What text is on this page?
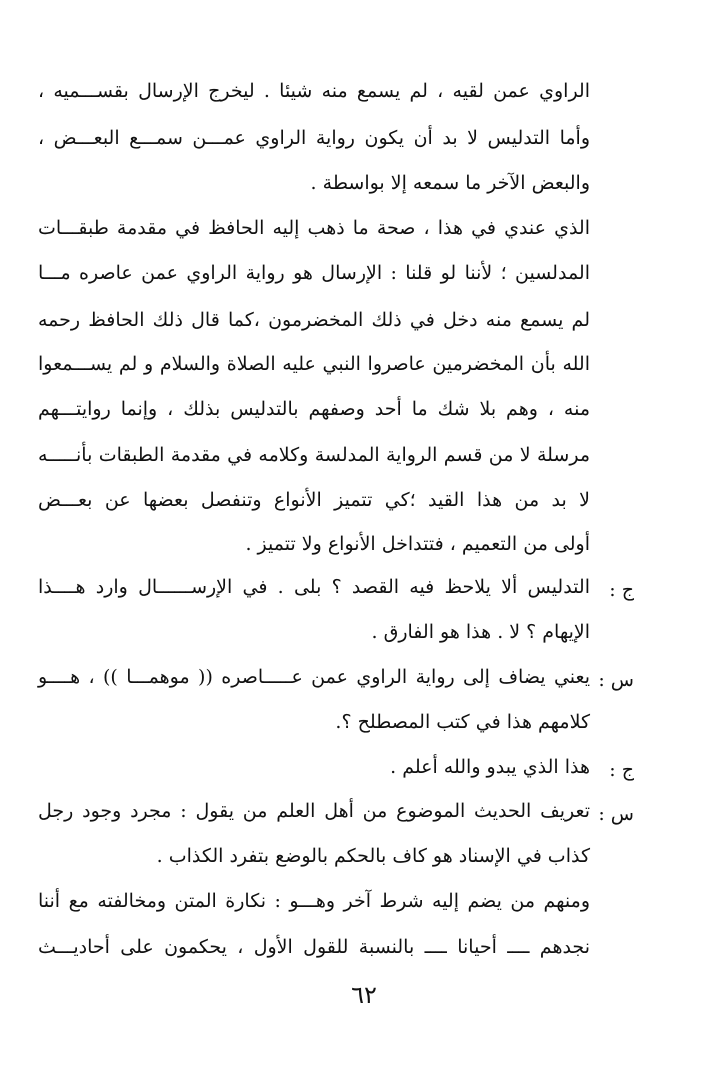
الراوي عمن لقيه ، لم يسمع منه شيئا . ليخرج الإرسال بقســـميه ،
وأما التدليس لا بد أن يكون رواية الراوي عمـــن سمـــع البعـــض ،
والبعض الآخر ما سمعه إلا بواسطة .
الذي عندي في هذا ، صحة ما ذهب إليه الحافظ في مقدمة طبقـــات
المدلسين ؛ لأننا لو قلنا : الإرسال هو رواية الراوي عمن عاصره مـــا
لم يسمع منه دخل في ذلك المخضرمون ،كما قال ذلك الحافظ رحمه
الله بأن المخضرمين عاصروا النبي عليه الصلاة والسلام و لم يســـمعوا
منه ، وهم بلا شك ما أحد وصفهم بالتدليس بذلك ، وإنما روايتـــهم
مرسلة لا من قسم الرواية المدلسة وكلامه في مقدمة الطبقات بأنـــــه
لا بد من هذا القيد ؛كي تتميز الأنواع وتنفصل بعضها عن بعـــض
أولى من التعميم ، فتتداخل الأنواع ولا تتميز .
ج :
التدليس ألا يلاحظ فيه القصد ؟ بلى . في الإرســــــال وارد هــــذا
الإيهام ؟ لا . هذا هو الفارق .
س :
يعني يضاف إلى رواية الراوي عمن عـــــاصره (( موهمـــا )) ، هــــو
كلامهم هذا في كتب المصطلح ؟.
ج :
هذا الذي يبدو والله أعلم .
س :
تعريف الحديث الموضوع من أهل العلم من يقول : مجرد وجود رجل
كذاب في الإسناد هو كاف بالحكم بالوضع بتفرد الكذاب .
ومنهم من يضم إليه شرط آخر وهـــو : نكارة المتن ومخالفته مع أننا
نجدهم ــــ أحيانا ــــ بالنسبة للقول الأول ، يحكمون على أحاديـــث
٦٢
